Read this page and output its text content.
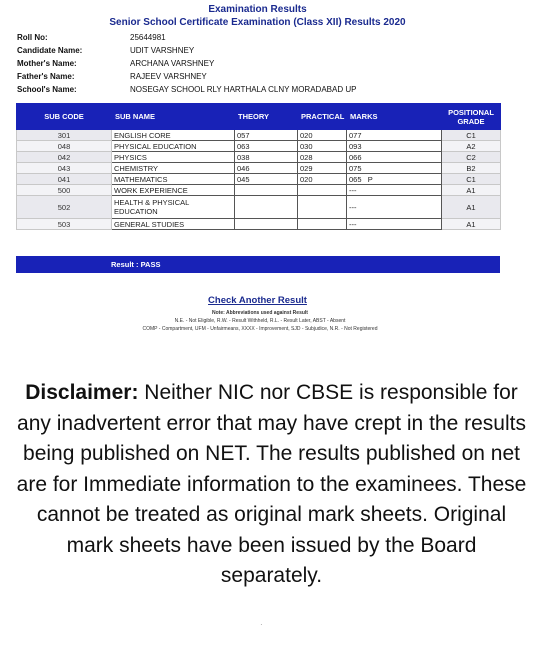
Examination Results
Senior School Certificate Examination (Class XII) Results 2020
Roll No:	25644981
Candidate Name:	UDIT VARSHNEY
Mother's Name:	ARCHANA VARSHNEY
Father's Name:	RAJEEV VARSHNEY
School's Name:	NOSEGAY SCHOOL RLY HARTHALA CLNY MORADABAD UP
SUB CODE	SUB NAME	THEORY	PRACTICAL	MARKS	POSITIONAL GRADE
301	ENGLISH CORE	057	020	077	C1
048	PHYSICAL EDUCATION	063	030	093	A2
042	PHYSICS	038	028	066	C2
043	CHEMISTRY	046	029	075	B2
041	MATHEMATICS	045	020	065   P	C1
500	WORK EXPERIENCE			---	A1
502	HEALTH & PHYSICAL EDUCATION			---	A1
503	GENERAL STUDIES			---	A1
Result : PASS
Check Another Result
Note: Abbreviations used against Result
N.E. - Not Eligible, R.W. - Result Withheld, R.L. - Result Later, ABST - Absent
COMP - Compartment, UFM - Unfairmeans, XXXX - Improvement, SJD - Subjudice, N.R. - Not Registered
Disclaimer: Neither NIC nor CBSE is responsible for any inadvertent error that may have crept in the results being published on NET. The results published on net are for Immediate information to the examinees. These cannot be treated as original mark sheets. Original mark sheets have been issued by the Board separately.
·
